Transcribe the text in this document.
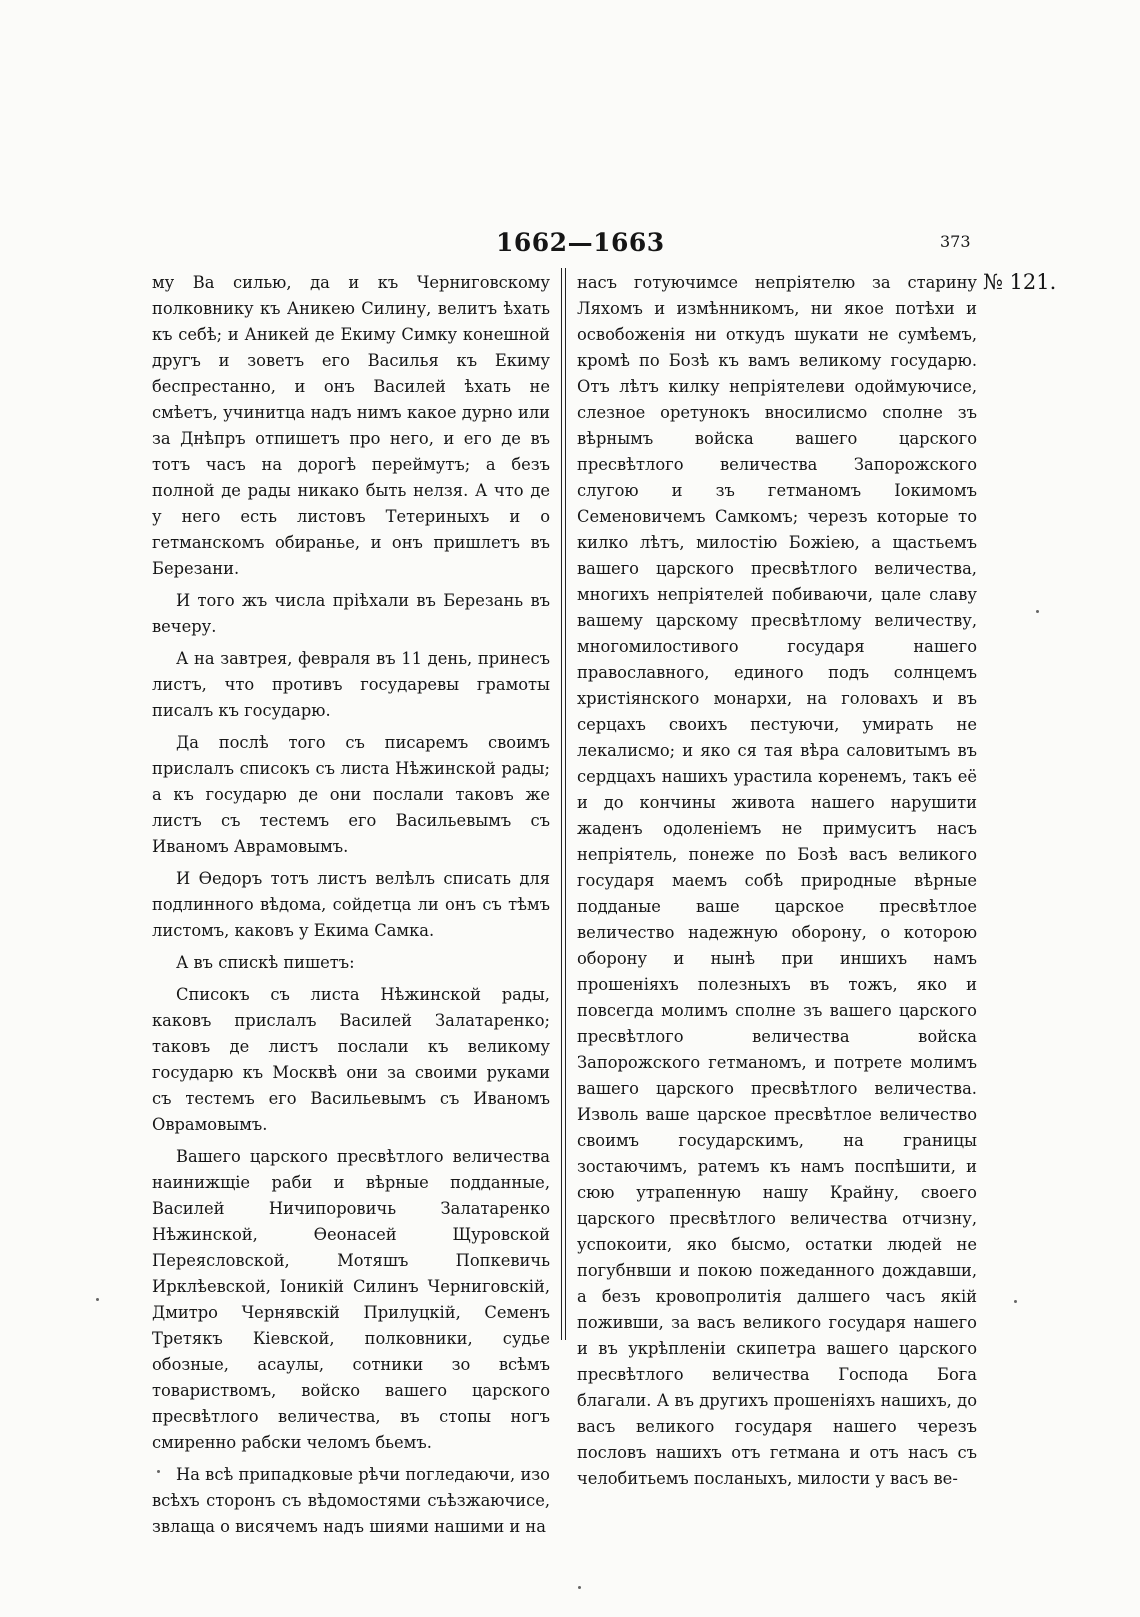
1662—1663	373
№ 121.

му Ва силью, да и къ Черниговскому полковнику къ Аникею Силину, велитъ ѣхать къ себѣ; и Аникей де Екиму Симку конешной другъ и зоветъ его Василья къ Екиму беспрестанно, и онъ Василей ѣхать не смѣетъ, учинитца надъ нимъ какое дурно или за Днѣпръ отпишетъ про него, и его де въ тотъ часъ на дорогѣ переймутъ; а безъ полной де рады никако быть нелзя. А что де у него есть листовъ Тетериныхъ и о гетманскомъ обиранье, и онъ пришлетъ въ Березани.

И того жъ числа пріѣхали въ Березань въ вечеру.

А на завтрея, февраля въ 11 день, принесъ листъ, что противъ государевы грамоты писалъ къ государю.

Да послѣ того съ писаремъ своимъ прислалъ списокъ съ листа Нѣжинской рады; а къ государю де они послали таковъ же листъ съ тестемъ его Васильевымъ съ Иваномъ Аврамовымъ.

И Өедоръ тотъ листъ велѣлъ списать для подлинного вѣдома, сойдетца ли онъ съ тѣмъ листомъ, каковъ у Екима Самка.

А въ спискѣ пишетъ:

Списокъ съ листа Нѣжинской рады, каковъ прислалъ Василей Залатаренко; таковъ де листъ послали къ великому государю къ Москвѣ они за своими руками съ тестемъ его Васильевымъ съ Иваномъ Оврамовымъ.

Вашего царского пресвѣтлого величества наинижщіе раби и вѣрные подданные, Василей Ничипоровичь Залатаренко Нѣжинской, Өеонасей Щуровской Переясловской, Мотяшъ Попкевичь Ирклѣевской, Іоникій Силинъ Черниговскій, Дмитро Чернявскій Прилуцкій, Семенъ Третякъ Кіевской, полковники, судье обозные, асаулы, сотники зо всѣмъ товариствомъ, войско вашего царского пресвѣтлого величества, въ стопы ногъ смиренно рабски челомъ бьемъ.

На всѣ припадковые рѣчи погледаючи, изо всѣхъ сторонъ съ вѣдомостями съѣзжаючисе, звлаща о висячемъ надъ шиями нашими и на

насъ готуючимсе непріятелю за старину Ляхомъ и измѣнникомъ, ни якое потѣхи и освобоженія ни откудъ шукати не сумѣемъ, кромѣ по Бозѣ къ вамъ великому государю. Отъ лѣтъ килку непріятелеви одоймуючисе, слезное оретунокъ вносилисмо сполне зъ вѣрнымъ войска вашего царского пресвѣтлого величества Запорожского слугою и зъ гетманомъ Іокимомъ Семеновичемъ Самкомъ; черезъ которые то килко лѣтъ, милостію Божіею, а щастьемъ вашего царского пресвѣтлого величества, многихъ непріятелей побиваючи, цале славу вашему царскому пресвѣтлому величеству, многомилостивого государя нашего православного, единого подъ солнцемъ христіянского монархи, на головахъ и въ серцахъ своихъ пестуючи, умирать не лекалисмо; и яко ся тая вѣра саловитымъ въ сердцахъ нашихъ урастила коренемъ, такъ её и до кончины живота нашего нарушити жаденъ одоленіемъ не примуситъ насъ непріятель, понеже по Бозѣ васъ великого государя маемъ собѣ природные вѣрные подданые ваше царское пресвѣтлое величество надежную оборону, о которою оборону и нынѣ при иншихъ намъ прошеніяхъ полезныхъ въ тожъ, яко и повсегда молимъ сполне зъ вашего царского пресвѣтлого величества войска Запорожского гетманомъ, и потрете молимъ вашего царского пресвѣтлого величества. Изволь ваше царское пресвѣтлое величество своимъ государскимъ, на границы зостаючимъ, ратемъ къ намъ поспѣшити, и сюю утрапенную нашу Крайну, своего царского пресвѣтлого величества отчизну, успокоити, яко бысмо, остатки людей не погубнвши и покою пожеданного дождавши, а безъ кровопролитія далшего часъ якій поживши, за васъ великого государя нашего и въ укрѣпленіи скипетра вашего царского пресвѣтлого величества Господа Бога благали. А въ другихъ прошеніяхъ нашихъ, до васъ великого государя нашего черезъ пословъ нашихъ отъ гетмана и отъ насъ съ челобитьемъ посланыхъ, милости у васъ ве-
